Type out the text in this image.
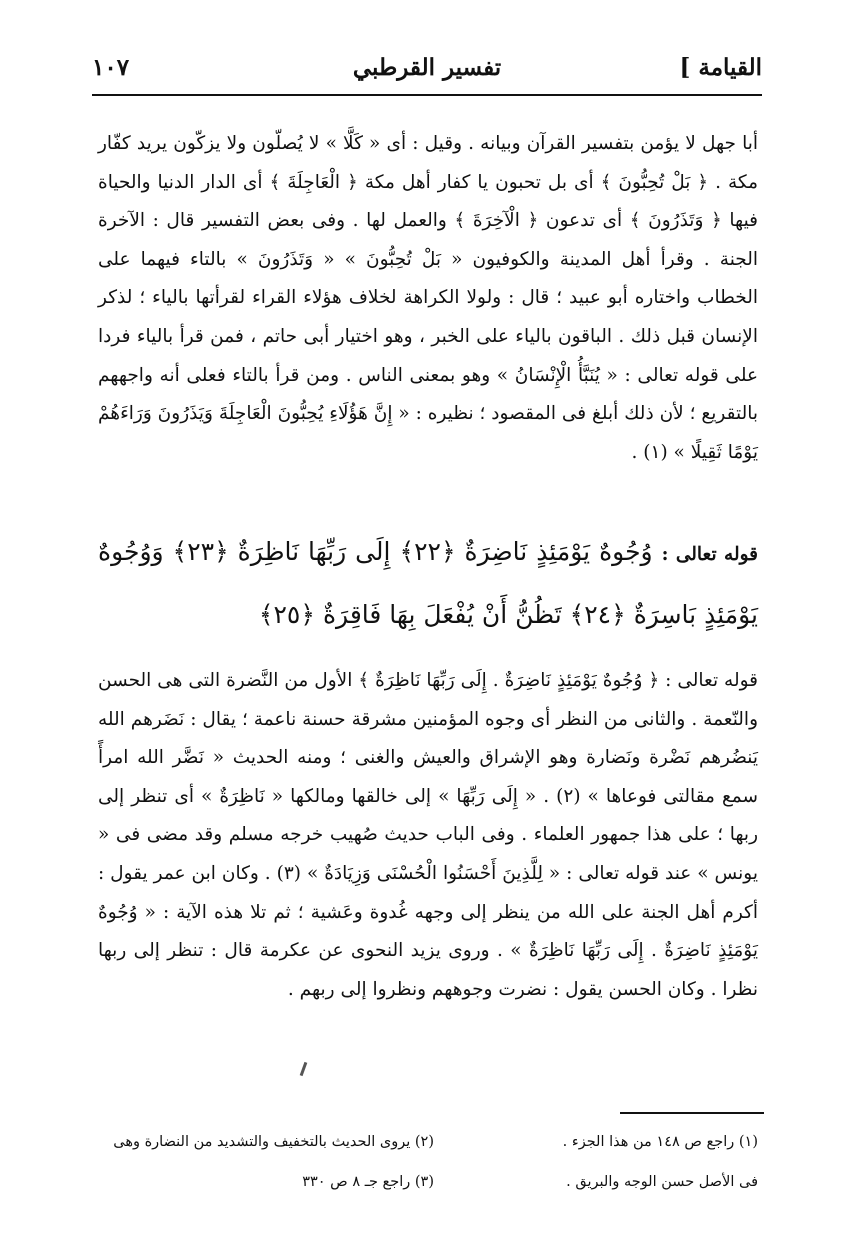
القيامة ]
تفسير القرطبي
١٠٧
أبا جهل لا يؤمن بتفسير القرآن وبيانه . وقيل : أى « كَلَّا » لا يُصلّون ولا يزكّون يريد كفّار مكة . ﴿ بَلْ تُحِبُّونَ ﴾ أى بل تحبون يا كفار أهل مكة ﴿ الْعَاجِلَةَ ﴾ أى الدار الدنيا والحياة فيها ﴿ وَتَذَرُونَ ﴾ أى تدعون ﴿ الْآخِرَةَ ﴾ والعمل لها . وفى بعض التفسير قال : الآخرة الجنة . وقرأ أهل المدينة والكوفيون « بَلْ تُحِبُّونَ » « وَتَذَرُونَ » بالتاء فيهما على الخطاب واختاره أبو عبيد ؛ قال : ولولا الكراهة لخلاف هؤلاء القراء لقرأتها بالياء ؛ لذكر الإنسان قبل ذلك . الباقون بالياء على الخبر ، وهو اختيار أبى حاتم ، فمن قرأ بالياء فردا على قوله تعالى : « يُنَبَّأُ الْإِنْسَانُ » وهو بمعنى الناس . ومن قرأ بالتاء فعلى أنه واجههم بالتقريع ؛ لأن ذلك أبلغ فى المقصود ؛ نظيره : « إِنَّ هَؤُلَاءِ يُحِبُّونَ الْعَاجِلَةَ وَيَذَرُونَ وَرَاءَهُمْ يَوْمًا ثَقِيلًا » (١) .
قوله تعالى : وُجُوهٌ يَوْمَئِذٍ نَاضِرَةٌ ﴿٢٢﴾ إِلَى رَبِّهَا نَاظِرَةٌ ﴿٢٣﴾ وَوُجُوهٌ يَوْمَئِذٍ بَاسِرَةٌ ﴿٢٤﴾ تَظُنُّ أَنْ يُفْعَلَ بِهَا فَاقِرَةٌ ﴿٢٥﴾
قوله تعالى : ﴿ وُجُوهٌ يَوْمَئِذٍ نَاضِرَةٌ . إِلَى رَبِّهَا نَاظِرَةٌ ﴾ الأول من النَّضرة التى هى الحسن والنّعمة . والثانى من النظر أى وجوه المؤمنين مشرقة حسنة ناعمة ؛ يقال : نَضَرهم الله يَنضُرهم نَضْرة ونَضارة وهو الإشراق والعيش والغنى ؛ ومنه الحديث « نَضَّر الله امرأً سمع مقالتى فوعاها » (٢) . « إِلَى رَبِّهَا » إلى خالقها ومالكها « نَاظِرَةٌ » أى تنظر إلى ربها ؛ على هذا جمهور العلماء . وفى الباب حديث صُهيب خرجه مسلم وقد مضى فى « يونس » عند قوله تعالى : « لِلَّذِينَ أَحْسَنُوا الْحُسْنَى وَزِيَادَةٌ » (٣) . وكان ابن عمر يقول : أكرم أهل الجنة على الله من ينظر إلى وجهه غُدوة وعَشية ؛ ثم تلا هذه الآية : « وُجُوهٌ يَوْمَئِذٍ نَاضِرَةٌ . إِلَى رَبِّهَا نَاظِرَةٌ » . وروى يزيد النحوى عن عكرمة قال : تنظر إلى ربها نظرا . وكان الحسن يقول : نضرت وجوههم ونظروا إلى ربهم .
(١) راجع ص ١٤٨ من هذا الجزء .
(٢) يروى الحديث بالتخفيف والتشديد من النضارة وهى
فى الأصل حسن الوجه والبريق .
(٣) راجع جـ ٨ ص ٣٣٠
